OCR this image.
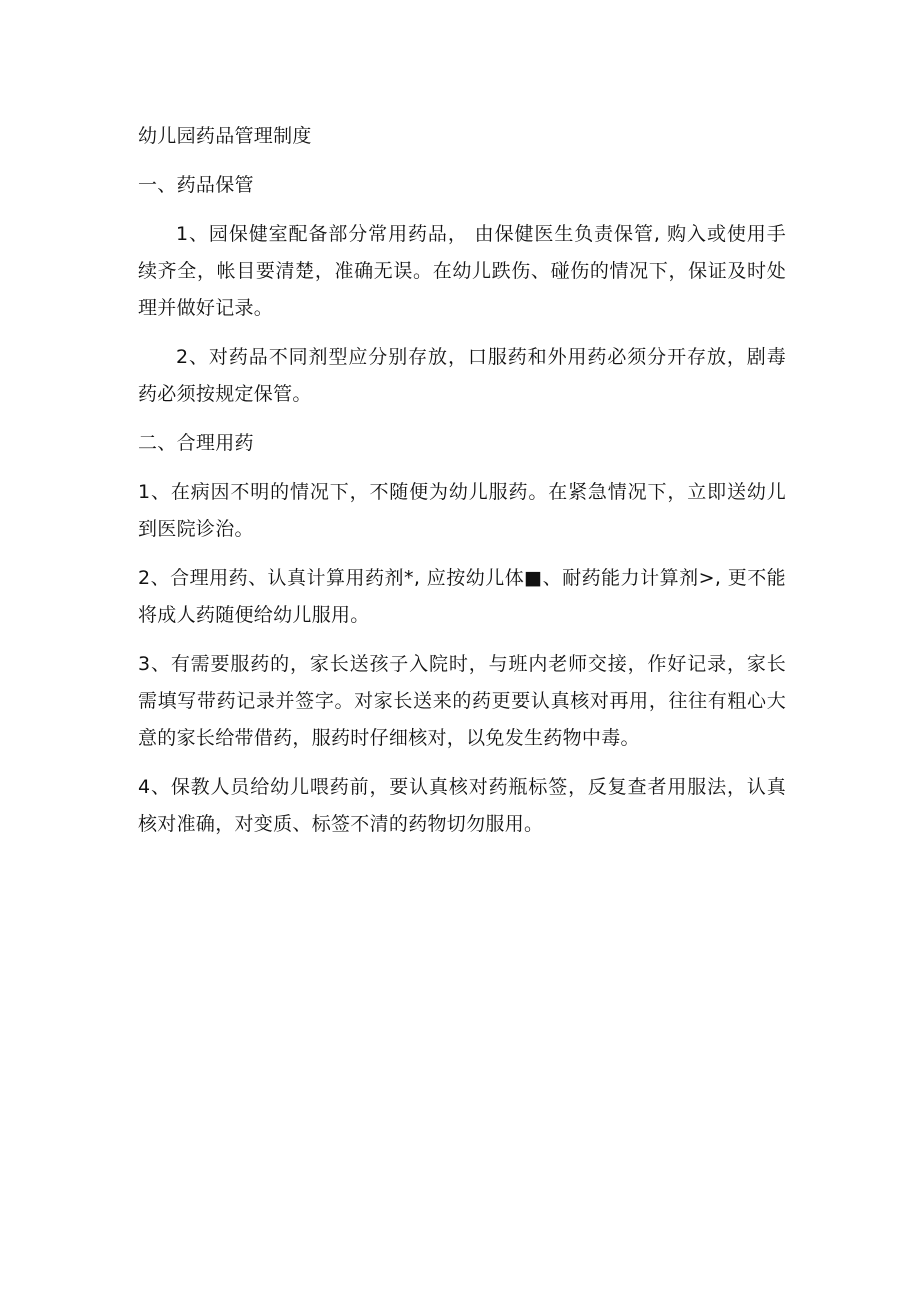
幼儿园药品管理制度

一、药品保管

1、园保健室配备部分常用药品， 由保健医生负责保管, 购入或使用手续齐全，帐目要清楚，准确无误。在幼儿跌伤、碰伤的情况下，保证及时处理并做好记录。

2、对药品不同剂型应分别存放，口服药和外用药必须分开存放，剧毒药必须按规定保管。

二、合理用药

1、在病因不明的情况下，不随便为幼儿服药。在紧急情况下，立即送幼儿到医院诊治。

2、合理用药、认真计算用药剂*, 应按幼儿体■、耐药能力计算剂>, 更不能将成人药随便给幼儿服用。

3、有需要服药的，家长送孩子入院时，与班内老师交接，作好记录，家长需填写带药记录并签字。对家长送来的药更要认真核对再用，往往有粗心大意的家长给带借药，服药时仔细核对，以免发生药物中毒。

4、保教人员给幼儿喂药前，要认真核对药瓶标签，反复查者用服法，认真核对准确，对变质、标签不清的药物切勿服用。
